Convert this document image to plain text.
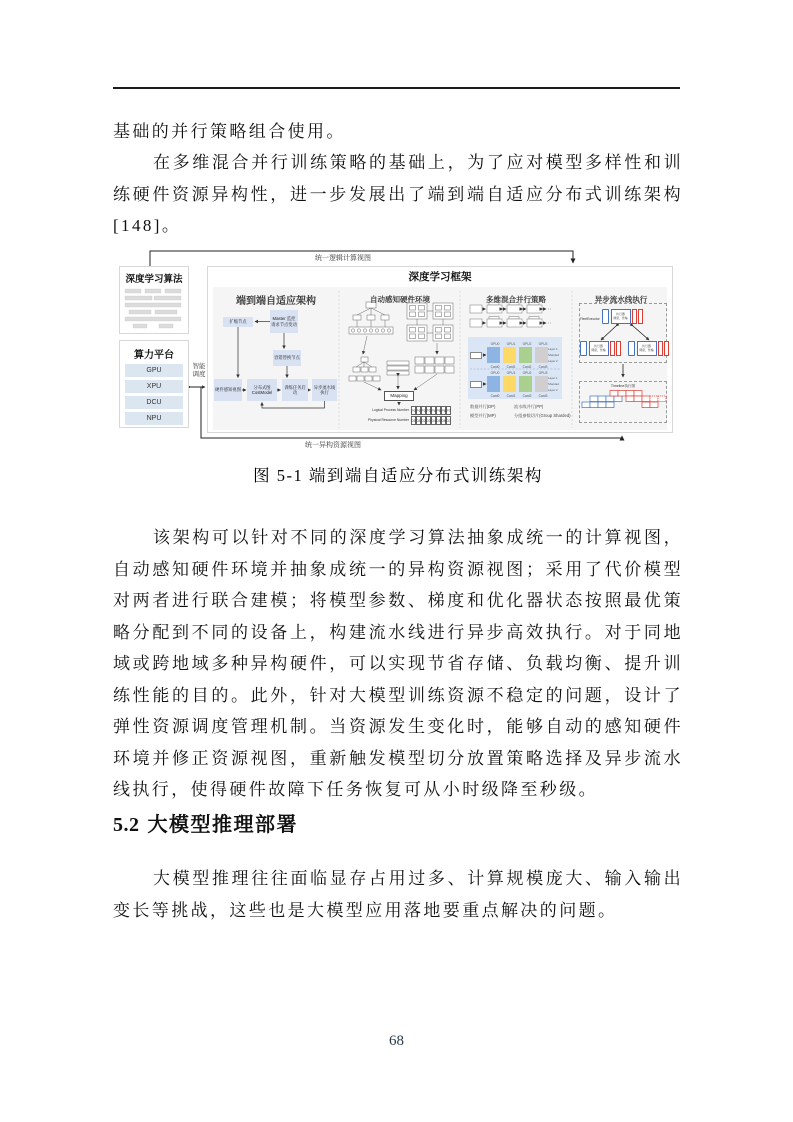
基础的并行策略组合使用。

在多维混合并行训练策略的基础上，为了应对模型多样性和训练硬件资源异构性，进一步发展出了端到端自适应分布式训练架构[148]。

统一逻辑计算视图
统一异构资源视图
深度学习算法
算力平台
GPU
XPU
DCU
NPU
智能调度
深度学习框架
端到端自适应架构	自动感知硬件环境	多维混合并行策略	异步流水线执行
扩缩节点
Master 监控请求节点变动
容错替换节点
硬件感知视图
分布式图CostModel
训练任务启动
异步流水线执行
Mapping
Logical Process Number P0 P1 P2 P3 P4 P5 P6 P7
Physical Resource Number D0 D1 D2 D3 D4 D5 D6 D7
GPU0	GPU1	GPU2	GPU3
Card0	Card1	Card2	Card3
GPU0	GPU1	GPU2	GPU3
Card0	Card1	Card2	Card3
Layer 1
Sharded
Layer 2
Layer 1
Sharded
Layer 2
数据并行(DP)	流水线并行(PP)
模型并行(MP)	分组参数切片(Group Sharded)
FleetExecutor
执行器
调度、传输
执行器
调度、传输
执行器
调度、传输
Timeline执行图
图 5-1 端到端自适应分布式训练架构

该架构可以针对不同的深度学习算法抽象成统一的计算视图，自动感知硬件环境并抽象成统一的异构资源视图；采用了代价模型对两者进行联合建模；将模型参数、梯度和优化器状态按照最优策略分配到不同的设备上，构建流水线进行异步高效执行。对于同地域或跨地域多种异构硬件，可以实现节省存储、负载均衡、提升训练性能的目的。此外，针对大模型训练资源不稳定的问题，设计了弹性资源调度管理机制。当资源发生变化时，能够自动的感知硬件环境并修正资源视图，重新触发模型切分放置策略选择及异步流水线执行，使得硬件故障下任务恢复可从小时级降至秒级。

5.2 大模型推理部署

大模型推理往往面临显存占用过多、计算规模庞大、输入输出变长等挑战，这些也是大模型应用落地要重点解决的问题。

68
